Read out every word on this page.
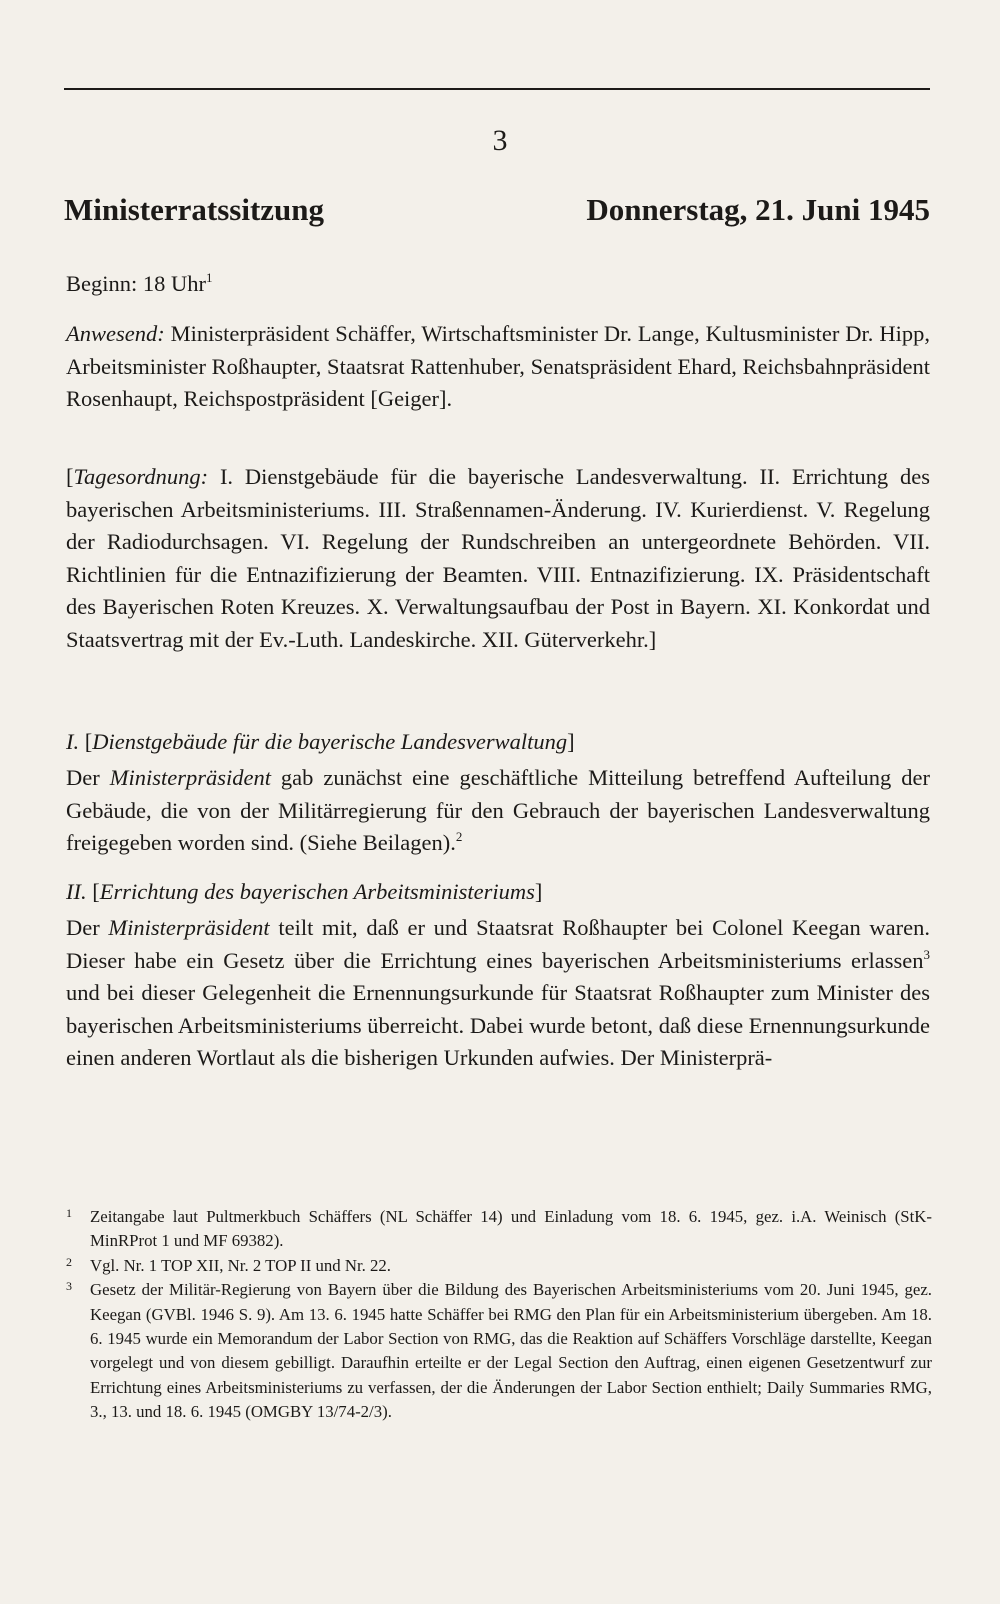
3
Ministerratssitzung	Donnerstag, 21. Juni 1945
Beginn: 18 Uhr$^1$
Anwesend: Ministerpräsident Schäffer, Wirtschaftsminister Dr. Lange, Kultusminister Dr. Hipp, Arbeitsminister Roßhaupter, Staatsrat Rattenhuber, Senatspräsident Ehard, Reichsbahnpräsident Rosenhaupt, Reichspostpräsident [Geiger].
[Tagesordnung: I. Dienstgebäude für die bayerische Landesverwaltung. II. Errichtung des bayerischen Arbeitsministeriums. III. Straßennamen-Änderung. IV. Kurierdienst. V. Regelung der Radiodurchsagen. VI. Regelung der Rundschreiben an untergeordnete Behörden. VII. Richtlinien für die Entnazifizierung der Beamten. VIII. Entnazifizierung. IX. Präsidentschaft des Bayerischen Roten Kreuzes. X. Verwaltungsaufbau der Post in Bayern. XI. Konkordat und Staatsvertrag mit der Ev.-Luth. Landeskirche. XII. Güterverkehr.]
I. [Dienstgebäude für die bayerische Landesverwaltung]
Der Ministerpräsident gab zunächst eine geschäftliche Mitteilung betreffend Aufteilung der Gebäude, die von der Militärregierung für den Gebrauch der bayerischen Landesverwaltung freigegeben worden sind. (Siehe Beilagen).$^2$
II. [Errichtung des bayerischen Arbeitsministeriums]
Der Ministerpräsident teilt mit, daß er und Staatsrat Roßhaupter bei Colonel Keegan waren. Dieser habe ein Gesetz über die Errichtung eines bayerischen Arbeitsministeriums erlassen$^3$ und bei dieser Gelegenheit die Ernennungsurkunde für Staatsrat Roßhaupter zum Minister des bayerischen Arbeitsministeriums überreicht. Dabei wurde betont, daß diese Ernennungsurkunde einen anderen Wortlaut als die bisherigen Urkunden aufwies. Der Ministerprä-
1 Zeitangabe laut Pultmerkbuch Schäffers (NL Schäffer 14) und Einladung vom 18. 6. 1945, gez. i.A. Weinisch (StK-MinRProt 1 und MF 69382).
2 Vgl. Nr. 1 TOP XII, Nr. 2 TOP II und Nr. 22.
3 Gesetz der Militär-Regierung von Bayern über die Bildung des Bayerischen Arbeitsministeriums vom 20. Juni 1945, gez. Keegan (GVBl. 1946 S. 9). Am 13. 6. 1945 hatte Schäffer bei RMG den Plan für ein Arbeitsministerium übergeben. Am 18. 6. 1945 wurde ein Memorandum der Labor Section von RMG, das die Reaktion auf Schäffers Vorschläge darstellte, Keegan vorgelegt und von diesem gebilligt. Daraufhin erteilte er der Legal Section den Auftrag, einen eigenen Gesetzentwurf zur Errichtung eines Arbeitsministeriums zu verfassen, der die Änderungen der Labor Section enthielt; Daily Summaries RMG, 3., 13. und 18. 6. 1945 (OMGBY 13/74-2/3).
